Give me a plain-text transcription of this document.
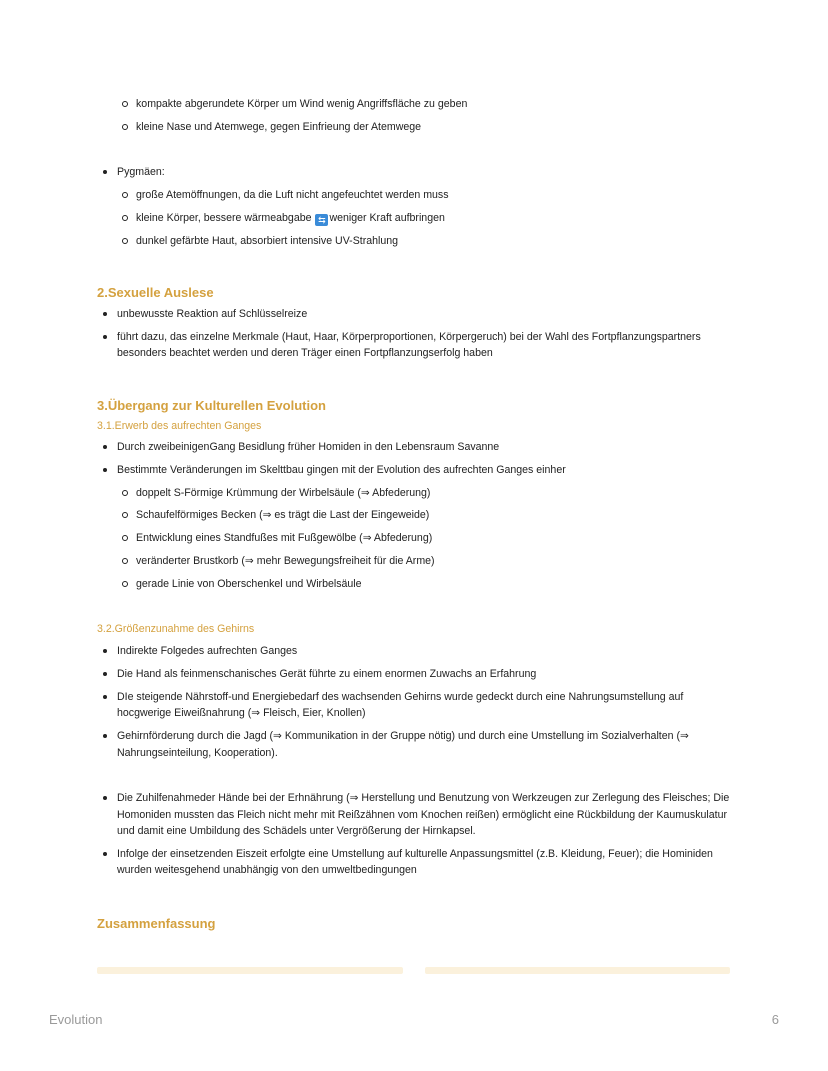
kompakte abgerundete Körper um Wind wenig Angriffsfläche zu geben
kleine Nase und Atemwege, gegen Einfrieung der Atemwege
Pygmäen:
große Atemöffnungen, da die Luft nicht angefeuchtet werden muss
kleine Körper, bessere wärmeabgabe ⇆ weniger Kraft aufbringen
dunkel gefärbte Haut, absorbiert intensive UV-Strahlung
2.Sexuelle Auslese
unbewusste Reaktion auf Schlüsselreize
führt dazu, das einzelne Merkmale (Haut, Haar, Körperproportionen, Körpergeruch) bei der Wahl des Fortpflanzungspartners besonders beachtet werden und deren Träger einen Fortpflanzungserfolg haben
3.Übergang zur Kulturellen Evolution
3.1.Erwerb des aufrechten Ganges
Durch zweibeinigenGang Besidlung früher Homiden in den Lebensraum Savanne
Bestimmte Veränderungen im Skelttbau gingen mit der Evolution des aufrechten Ganges einher
doppelt S-Förmige Krümmung der Wirbelsäule (⇒ Abfederung)
Schaufelförmiges Becken (⇒ es trägt die Last der Eingeweide)
Entwicklung eines Standfußes mit Fußgewölbe (⇒ Abfederung)
veränderter Brustkorb (⇒ mehr Bewegungsfreiheit für die Arme)
gerade Linie von Oberschenkel und Wirbelsäule
3.2.Größenzunahme des Gehirns
Indirekte Folgedes aufrechten Ganges
Die Hand als feinmenschanisches Gerät führte zu einem enormen Zuwachs an Erfahrung
DIe steigende Nährstoff-und Energiebedarf des wachsenden Gehirns wurde gedeckt durch eine Nahrungsumstellung auf hocgwerige Eiweißnahrung (⇒ Fleisch, Eier, Knollen)
Gehirnförderung durch die Jagd (⇒ Kommunikation in der Gruppe nötig) und durch eine Umstellung im Sozialverhalten (⇒ Nahrungseinteilung, Kooperation).
Die Zuhilfenahmeder Hände bei der Erhnährung (⇒ Herstellung und Benutzung von Werkzeugen zur Zerlegung des Fleisches; Die Homoniden mussten das Fleich nicht mehr mit Reißzähnen vom Knochen reißen) ermöglicht eine Rückbildung der Kaumuskulatur und damit eine Umbildung des Schädels unter Vergrößerung der Hirnkapsel.
Infolge der einsetzenden Eiszeit erfolgte eine Umstellung auf kulturelle Anpassungsmittel (z.B. Kleidung, Feuer); die Hominiden wurden weitesgehend unabhängig von den umweltbedingungen
Zusammenfassung
Evolution	6
